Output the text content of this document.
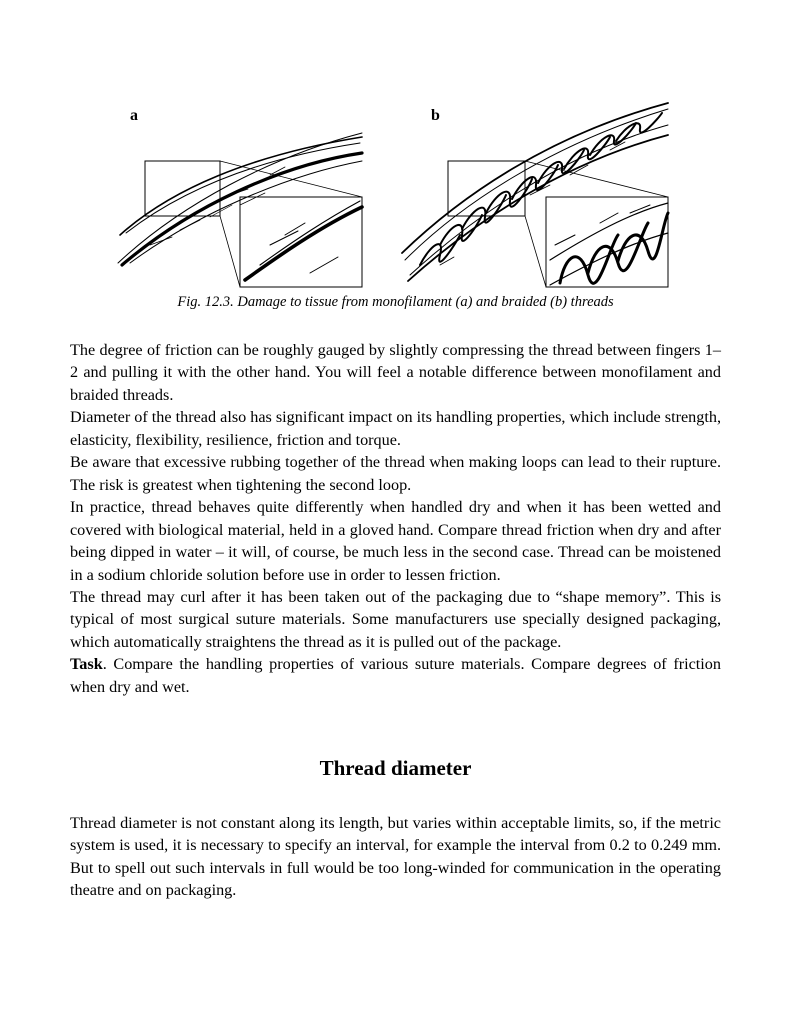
a	b
Fig. 12.3. Damage to tissue from monofilament (a) and braided (b) threads

The degree of friction can be roughly gauged by slightly compressing the thread between fingers 1–2 and pulling it with the other hand. You will feel a notable difference between monofilament and braided threads.

Diameter of the thread also has significant impact on its handling properties, which include strength, elasticity, flexibility, resilience, friction and torque.

Be aware that excessive rubbing together of the thread when making loops can lead to their rupture. The risk is greatest when tightening the second loop.

In practice, thread behaves quite differently when handled dry and when it has been wetted and covered with biological material, held in a gloved hand. Compare thread friction when dry and after being dipped in water – it will, of course, be much less in the second case. Thread can be moistened in a sodium chloride solution before use in order to lessen friction.

The thread may curl after it has been taken out of the packaging due to “shape memory”. This is typical of most surgical suture materials. Some manufacturers use specially designed packaging, which automatically straightens the thread as it is pulled out of the package.

Task. Compare the handling properties of various suture materials. Compare degrees of friction when dry and wet.

Thread diameter

Thread diameter is not constant along its length, but varies within acceptable limits, so, if the metric system is used, it is necessary to specify an interval, for example the interval from 0.2 to 0.249 mm. But to spell out such intervals in full would be too long-winded for communication in the operating theatre and on packaging.
